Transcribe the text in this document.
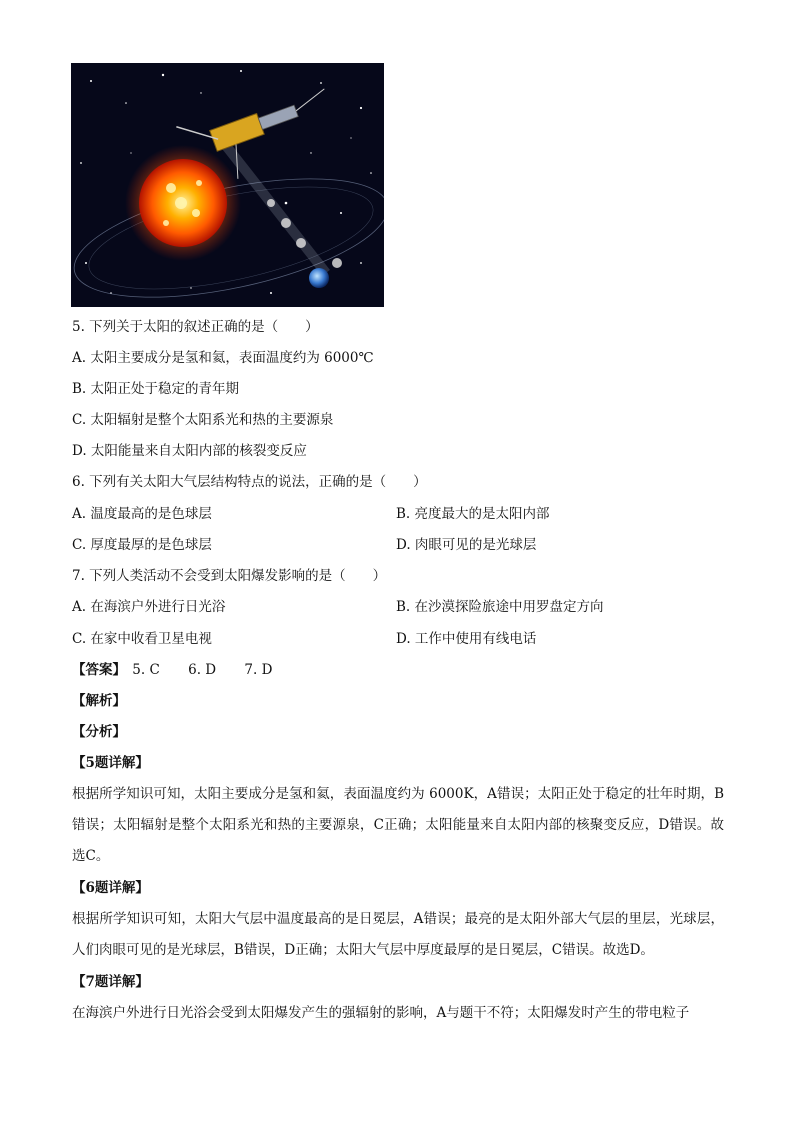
5. 下列关于太阳的叙述正确的是（　　）
A. 太阳主要成分是氢和氦，表面温度约为 6000℃
B. 太阳正处于稳定的青年期
C. 太阳辐射是整个太阳系光和热的主要源泉
D. 太阳能量来自太阳内部的核裂变反应
6. 下列有关太阳大气层结构特点的说法，正确的是（　　）
A. 温度最高的是色球层	B. 亮度最大的是太阳内部
C. 厚度最厚的是色球层	D. 肉眼可见的是光球层
7. 下列人类活动不会受到太阳爆发影响的是（　　）
A. 在海滨户外进行日光浴	B. 在沙漠探险旅途中用罗盘定方向
C. 在家中收看卫星电视	D. 工作中使用有线电话
【答案】 5. C 6. D 7. D
【解析】
【分析】
【5题详解】
根据所学知识可知，太阳主要成分是氢和氦，表面温度约为 6000K，A错误；太阳正处于稳定的壮年时期，B错误；太阳辐射是整个太阳系光和热的主要源泉，C正确；太阳能量来自太阳内部的核聚变反应，D错误。故选C。
【6题详解】
根据所学知识可知，太阳大气层中温度最高的是日冕层，A错误；最亮的是太阳外部大气层的里层，光球层，人们肉眼可见的是光球层，B错误，D正确；太阳大气层中厚度最厚的是日冕层，C错误。故选D。
【7题详解】
在海滨户外进行日光浴会受到太阳爆发产生的强辐射的影响，A与题干不符；太阳爆发时产生的带电粒子
